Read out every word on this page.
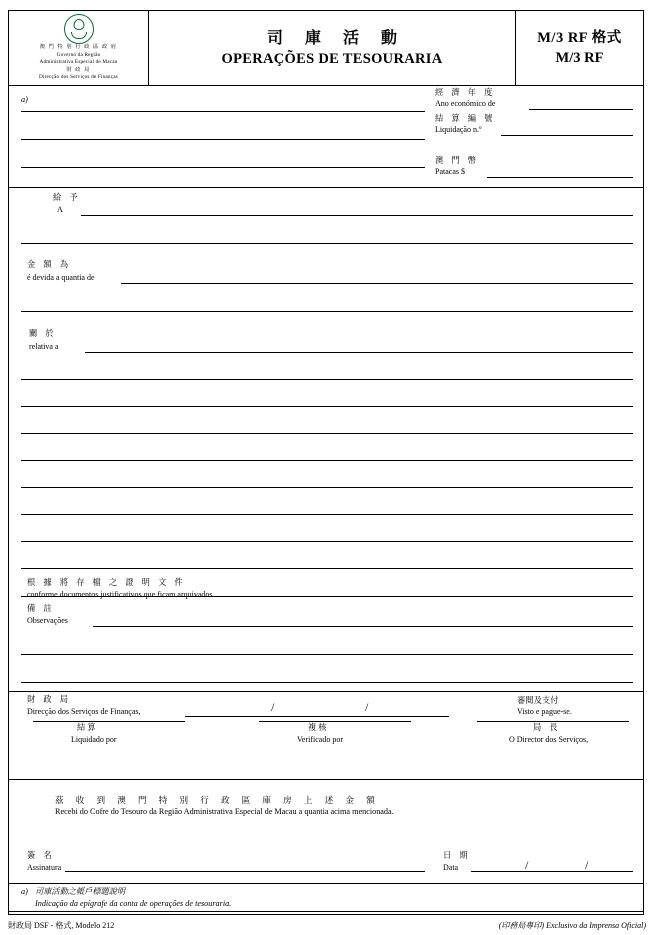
澳 門 特 別 行 政 區 政 府
Governo da Região
Administrativa Especial de Macau
財 政 局
Direcção dos Serviços de Finanças
司 庫 活 動
OPERAÇÕES DE TESOURARIA
M/3 RF 格式
M/3 RF
a)
經 濟 年 度
Ano económico de
結 算 編 號
Liquidação n.º
澳 門 幣
Patacas $
給 予
A
金 額 為
é devida a quantia de
關 於
relativa a
根 據 將 存 檔 之 證 明 文 件
conforme documentos justificativos que ficam arquivados.
備 註
Observações
財 政 局
Direcção dos Serviços de Finanças,	/	/	審閱及支付
Visto e pague‑se.
局 長
O Director dos Serviços,
結算
Liquidado por
複核
Verificado por
茲 收 到 澳 門 特 別 行 政 區 庫 房 上 述 金 額
Recebi do Cofre do Tesouro da Região Administrativa Especial de Macau a quantia acima mencionada.
簽 名
Assinatura
日 期
Data	/	/
a) 司庫活動之帳戶標題說明
Indicação da epígrafe da conta de operações de tesouraria.
財政局 DSF - 格式, Modelo 212	(印務局專印) Exclusivo da Imprensa Oficial)
